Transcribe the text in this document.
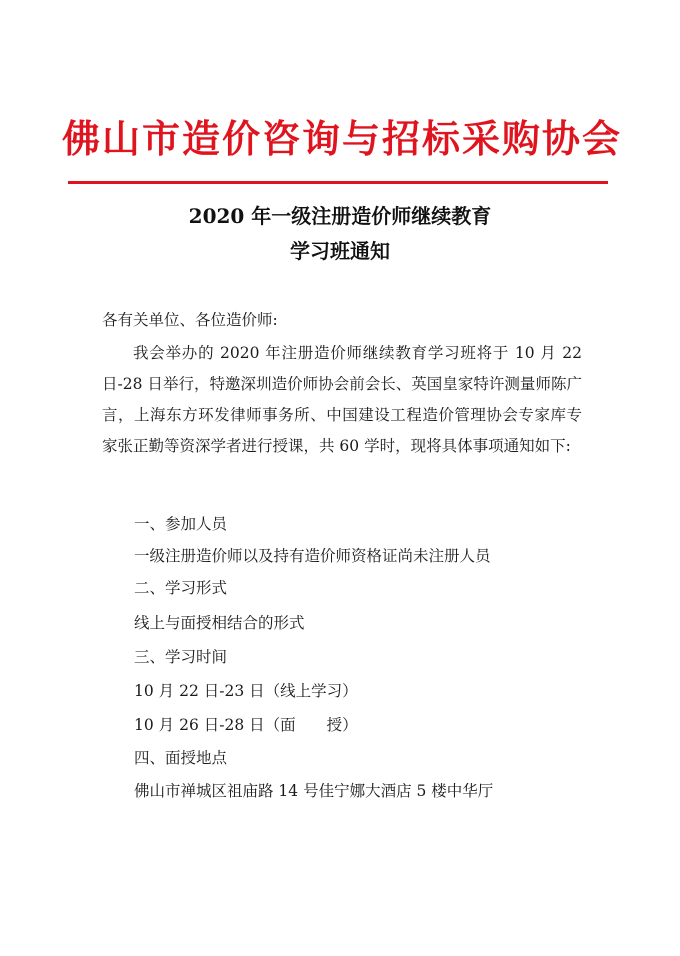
佛山市造价咨询与招标采购协会
2020 年一级注册造价师继续教育
学习班通知
各有关单位、各位造价师:
我会举办的 2020 年注册造价师继续教育学习班将于 10 月 22 日-28 日举行，特邀深圳造价师协会前会长、英国皇家特许测量师陈广言，上海东方环发律师事务所、中国建设工程造价管理协会专家库专家张正勤等资深学者进行授课，共 60 学时，现将具体事项通知如下:
一、参加人员
一级注册造价师以及持有造价师资格证尚未注册人员
二、学习形式
线上与面授相结合的形式
三、学习时间
10 月 22 日-23 日（线上学习）
10 月 26 日-28 日（面　　授）
四、面授地点
佛山市禅城区祖庙路 14 号佳宁娜大酒店 5 楼中华厅
